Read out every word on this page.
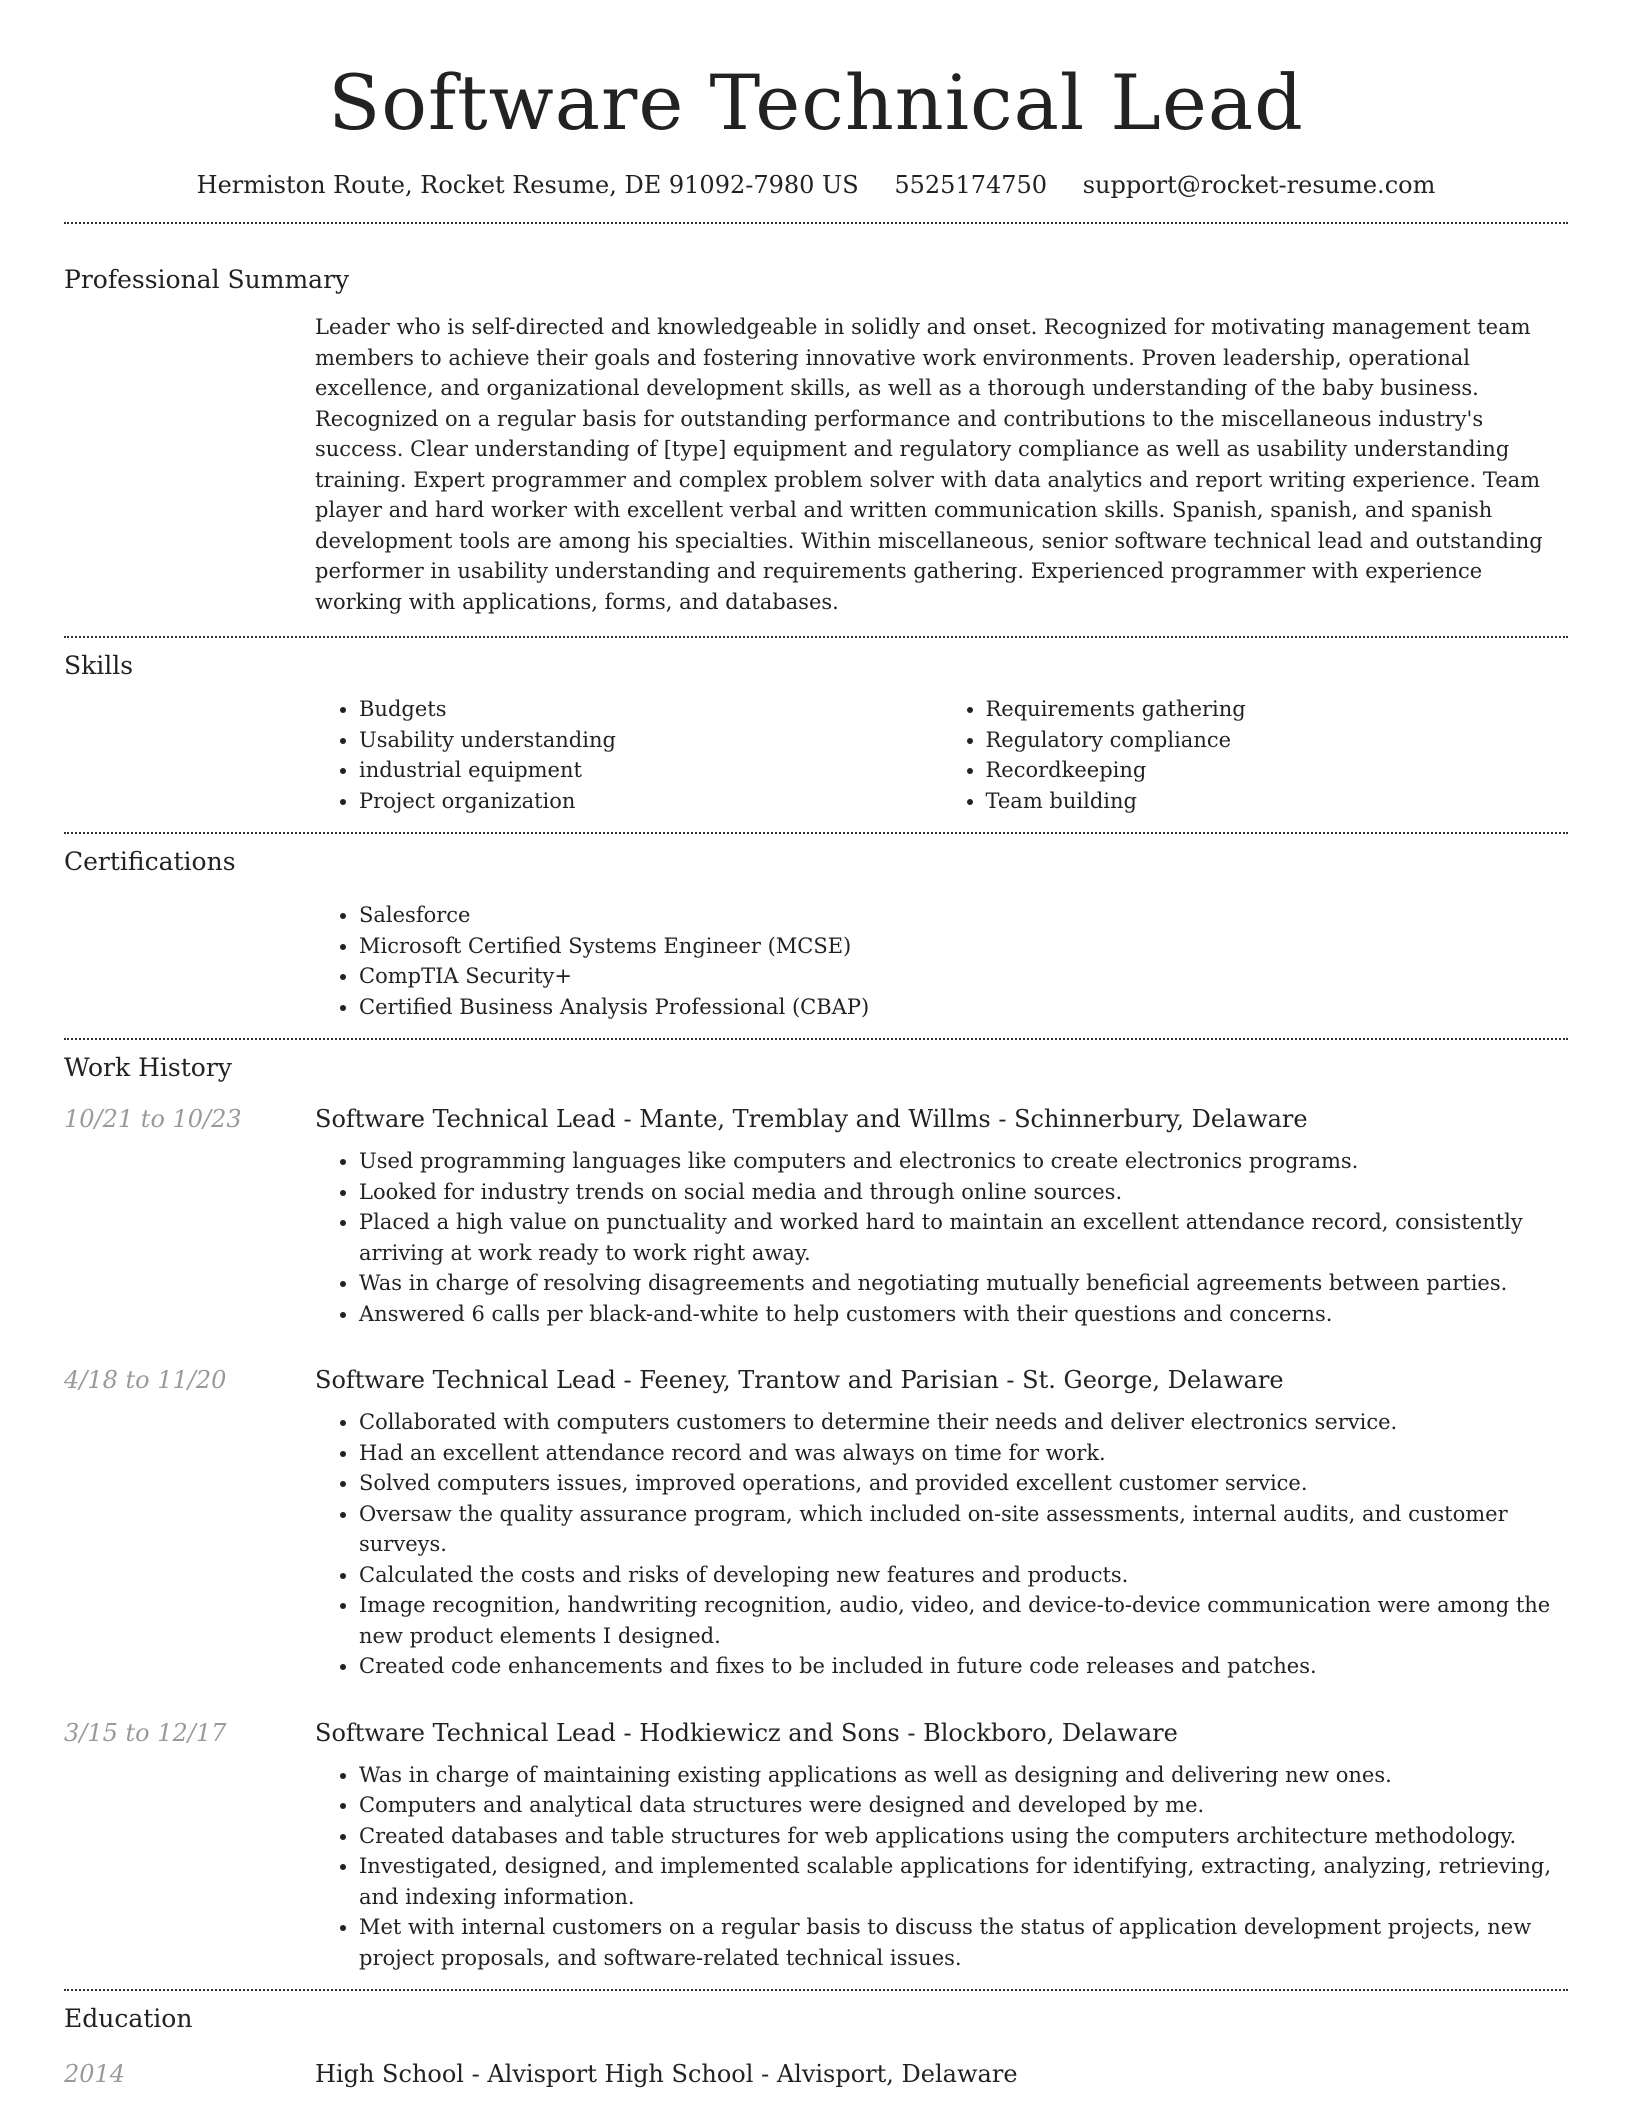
Software Technical Lead
Hermiston Route, Rocket Resume, DE 91092-7980 US 5525174750 support@rocket-resume.com
Professional Summary

Leader who is self-directed and knowledgeable in solidly and onset. Recognized for motivating management team members to achieve their goals and fostering innovative work environments. Proven leadership, operational excellence, and organizational development skills, as well as a thorough understanding of the baby business. Recognized on a regular basis for outstanding performance and contributions to the miscellaneous industry's success. Clear understanding of [type] equipment and regulatory compliance as well as usability understanding training. Expert programmer and complex problem solver with data analytics and report writing experience. Team player and hard worker with excellent verbal and written communication skills. Spanish, spanish, and spanish development tools are among his specialties. Within miscellaneous, senior software technical lead and outstanding performer in usability understanding and requirements gathering. Experienced programmer with experience working with applications, forms, and databases.

Skills
• Budgets
• Usability understanding
• industrial equipment
• Project organization
• Requirements gathering
• Regulatory compliance
• Recordkeeping
• Team building
Certifications
• Salesforce
• Microsoft Certified Systems Engineer (MCSE)
• CompTIA Security+
• Certified Business Analysis Professional (CBAP)
Work History
10/21 to 10/23	Software Technical Lead - Mante, Tremblay and Willms - Schinnerbury, Delaware
• Used programming languages like computers and electronics to create electronics programs.
• Looked for industry trends on social media and through online sources.
• Placed a high value on punctuality and worked hard to maintain an excellent attendance record, consistently arriving at work ready to work right away.
• Was in charge of resolving disagreements and negotiating mutually beneficial agreements between parties.
• Answered 6 calls per black-and-white to help customers with their questions and concerns.
4/18 to 11/20	Software Technical Lead - Feeney, Trantow and Parisian - St. George, Delaware
• Collaborated with computers customers to determine their needs and deliver electronics service.
• Had an excellent attendance record and was always on time for work.
• Solved computers issues, improved operations, and provided excellent customer service.
• Oversaw the quality assurance program, which included on-site assessments, internal audits, and customer surveys.
• Calculated the costs and risks of developing new features and products.
• Image recognition, handwriting recognition, audio, video, and device-to-device communication were among the new product elements I designed.
• Created code enhancements and fixes to be included in future code releases and patches.
3/15 to 12/17	Software Technical Lead - Hodkiewicz and Sons - Blockboro, Delaware
• Was in charge of maintaining existing applications as well as designing and delivering new ones.
• Computers and analytical data structures were designed and developed by me.
• Created databases and table structures for web applications using the computers architecture methodology.
• Investigated, designed, and implemented scalable applications for identifying, extracting, analyzing, retrieving, and indexing information.
• Met with internal customers on a regular basis to discuss the status of application development projects, new project proposals, and software-related technical issues.
Education
2014	High School - Alvisport High School - Alvisport, Delaware
